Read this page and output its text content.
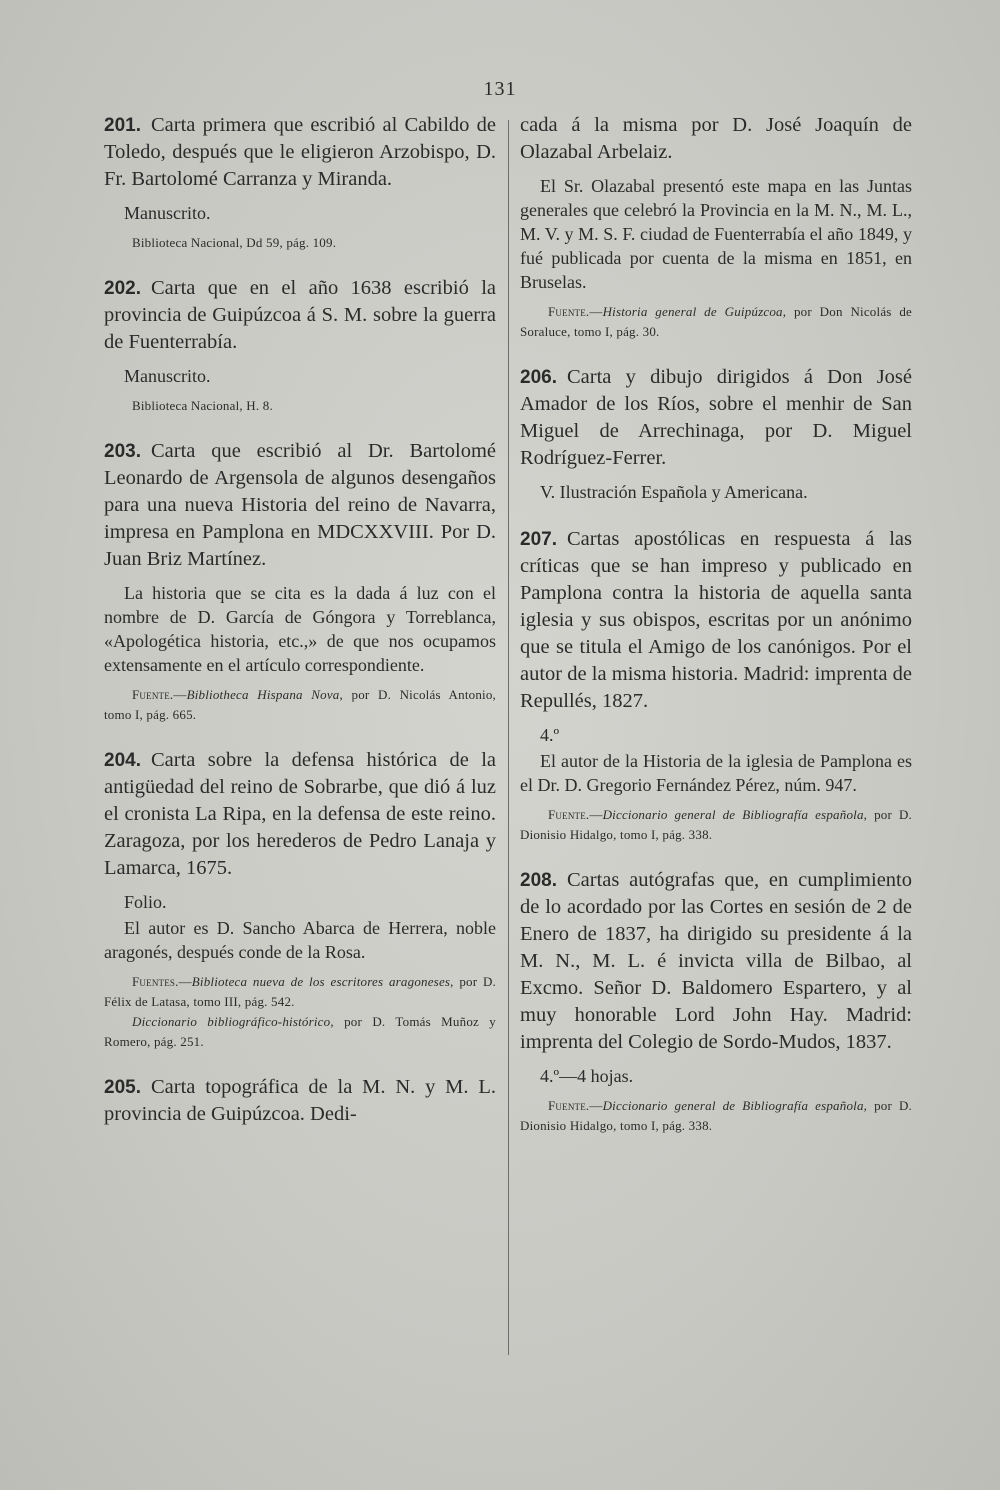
131

201. Carta primera que escribió al Cabildo de Toledo, después que le eligieron Arzobispo, D. Fr. Bartolomé Carranza y Miranda.

Manuscrito.

Biblioteca Nacional, Dd 59, pág. 109.

202. Carta que en el año 1638 escribió la provincia de Guipúzcoa á S. M. sobre la guerra de Fuenterrabía.

Manuscrito.

Biblioteca Nacional, H. 8.

203. Carta que escribió al Dr. Bartolomé Leonardo de Argensola de algunos desengaños para una nueva Historia del reino de Navarra, impresa en Pamplona en MDCXXVIII. Por D. Juan Briz Martínez.

La historia que se cita es la dada á luz con el nombre de D. García de Góngora y Torreblanca, «Apologética historia, etc.,» de que nos ocupamos extensamente en el artículo correspondiente.

Fuente.—Bibliotheca Hispana Nova, por D. Nicolás Antonio, tomo I, pág. 665.

204. Carta sobre la defensa histórica de la antigüedad del reino de Sobrarbe, que dió á luz el cronista La Ripa, en la defensa de este reino. Zaragoza, por los herederos de Pedro Lanaja y Lamarca, 1675.

Folio.

El autor es D. Sancho Abarca de Herrera, noble aragonés, después conde de la Rosa.

Fuentes.—Biblioteca nueva de los escritores aragoneses, por D. Félix de Latasa, tomo III, pág. 542.

Diccionario bibliográfico-histórico, por D. Tomás Muñoz y Romero, pág. 251.

205. Carta topográfica de la M. N. y M. L. provincia de Guipúzcoa. Dedi-

cada á la misma por D. José Joaquín de Olazabal Arbelaiz.

El Sr. Olazabal presentó este mapa en las Juntas generales que celebró la Provincia en la M. N., M. L., M. V. y M. S. F. ciudad de Fuenterrabía el año 1849, y fué publicada por cuenta de la misma en 1851, en Bruselas.

Fuente.—Historia general de Guipúzcoa, por Don Nicolás de Soraluce, tomo I, pág. 30.

206. Carta y dibujo dirigidos á Don José Amador de los Ríos, sobre el menhir de San Miguel de Arrechinaga, por D. Miguel Rodríguez-Ferrer.

V. Ilustración Española y Americana.

207. Cartas apostólicas en respuesta á las críticas que se han impreso y publicado en Pamplona contra la historia de aquella santa iglesia y sus obispos, escritas por un anónimo que se titula el Amigo de los canónigos. Por el autor de la misma historia. Madrid: imprenta de Repullés, 1827.

4.º

El autor de la Historia de la iglesia de Pamplona es el Dr. D. Gregorio Fernández Pérez, núm. 947.

Fuente.—Diccionario general de Bibliografía española, por D. Dionisio Hidalgo, tomo I, pág. 338.

208. Cartas autógrafas que, en cumplimiento de lo acordado por las Cortes en sesión de 2 de Enero de 1837, ha dirigido su presidente á la M. N., M. L. é invicta villa de Bilbao, al Excmo. Señor D. Baldomero Espartero, y al muy honorable Lord John Hay. Madrid: imprenta del Colegio de Sordo-Mudos, 1837.

4.º—4 hojas.

Fuente.—Diccionario general de Bibliografía española, por D. Dionisio Hidalgo, tomo I, pág. 338.
